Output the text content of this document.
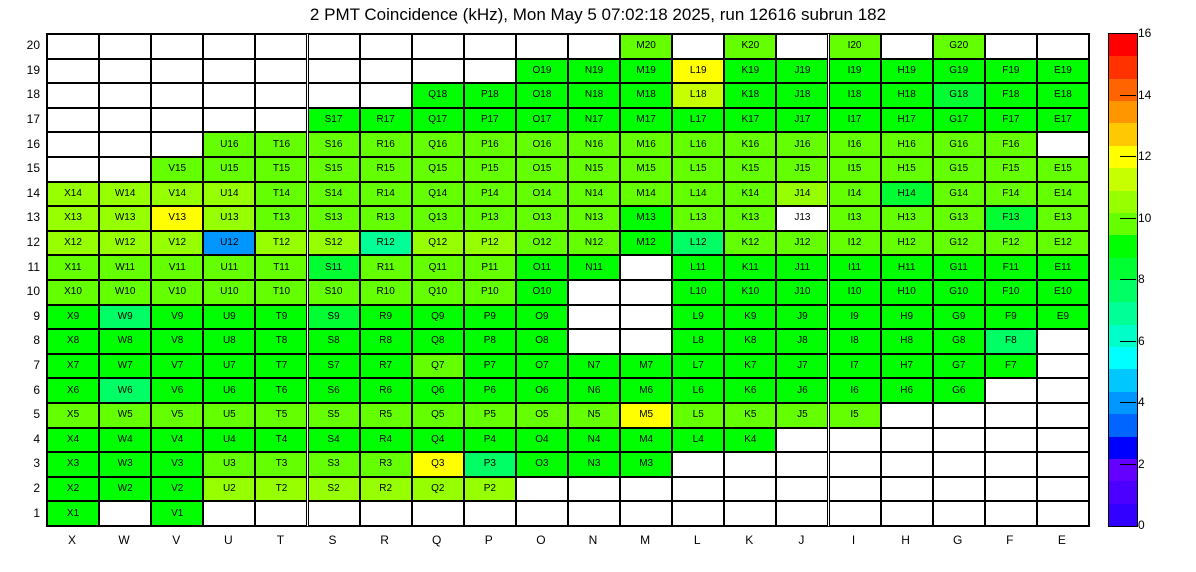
2 PMT Coincidence (kHz), Mon May 5 07:02:18 2025, run 12616 subrun 182
M20	K20	I20	G20
O19	N19	M19	L19	K19	J19	I19	H19	G19	F19	E19
Q18	P18	O18	N18	M18	L18	K18	J18	I18	H18	G18	F18	E18
S17	R17	Q17	P17	O17	N17	M17	L17	K17	J17	I17	H17	G17	F17	E17
U16	T16	S16	R16	Q16	P16	O16	N16	M16	L16	K16	J16	I16	H16	G16	F16
V15	U15	T15	S15	R15	Q15	P15	O15	N15	M15	L15	K15	J15	I15	H15	G15	F15	E15
X14	W14	V14	U14	T14	S14	R14	Q14	P14	O14	N14	M14	L14	K14	J14	I14	H14	G14	F14	E14
X13	W13	V13	U13	T13	S13	R13	Q13	P13	O13	N13	M13	L13	K13	J13	I13	H13	G13	F13	E13
X12	W12	V12	U12	T12	S12	R12	Q12	P12	O12	N12	M12	L12	K12	J12	I12	H12	G12	F12	E12
X11	W11	V11	U11	T11	S11	R11	Q11	P11	O11	N11	L11	K11	J11	I11	H11	G11	F11	E11
X10	W10	V10	U10	T10	S10	R10	Q10	P10	O10	L10	K10	J10	I10	H10	G10	F10	E10
X9	W9	V9	U9	T9	S9	R9	Q9	P9	O9	L9	K9	J9	I9	H9	G9	F9	E9
X8	W8	V8	U8	T8	S8	R8	Q8	P8	O8	L8	K8	J8	I8	H8	G8	F8
X7	W7	V7	U7	T7	S7	R7	Q7	P7	O7	N7	M7	L7	K7	J7	I7	H7	G7	F7
X6	W6	V6	U6	T6	S6	R6	Q6	P6	O6	N6	M6	L6	K6	J6	I6	H6	G6
X5	W5	V5	U5	T5	S5	R5	Q5	P5	O5	N5	M5	L5	K5	J5	I5
X4	W4	V4	U4	T4	S4	R4	Q4	P4	O4	N4	M4	L4	K4
X3	W3	V3	U3	T3	S3	R3	Q3	P3	O3	N3	M3
X2	W2	V2	U2	T2	S2	R2	Q2	P2
X1	V1
20
19
18
17
16
15
14
13
12
11
10
9
8
7
6
5
4
3
2
1
X	W	V	U	T	S	R	Q	P	O	N	M	L	K	J	I	H	G	F	E
0
2
4
6
8
10
12
14
16
